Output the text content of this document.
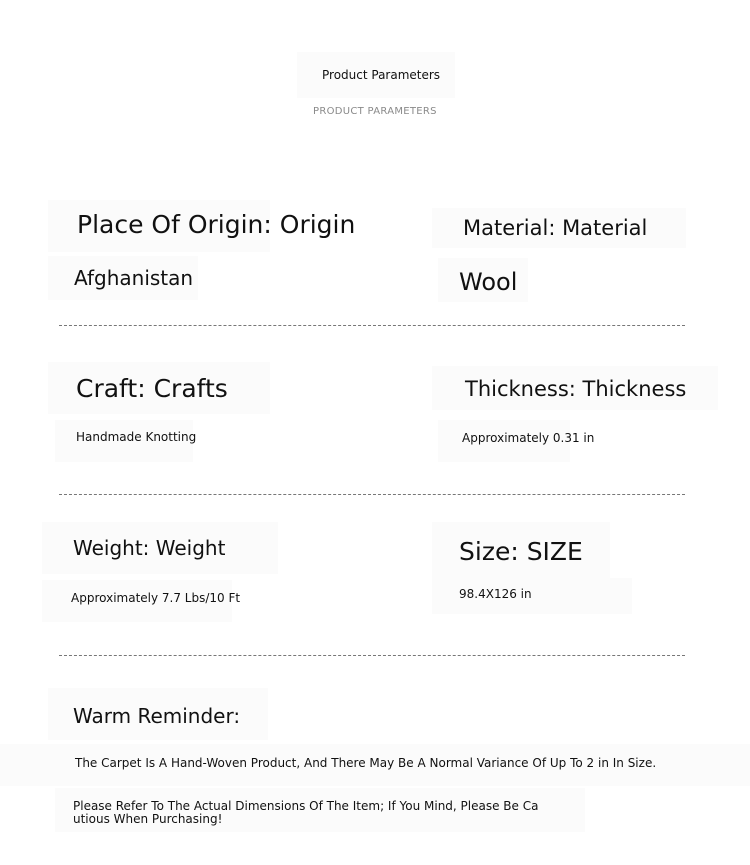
Product Parameters
PRODUCT PARAMETERS
Place Of Origin: Origin
Afghanistan
Material: Material
Wool
Craft: Crafts
Handmade Knotting
Thickness: Thickness
Approximately 0.31 in
Weight: Weight
Approximately 7.7 Lbs/10 Ft
Size: SIZE
98.4X126 in
Warm Reminder:
The Carpet Is A Hand-Woven Product, And There May Be A Normal Variance Of Up To 2 in In Size.
Please Refer To The Actual Dimensions Of The Item; If You Mind, Please Be Ca
utious When Purchasing!
